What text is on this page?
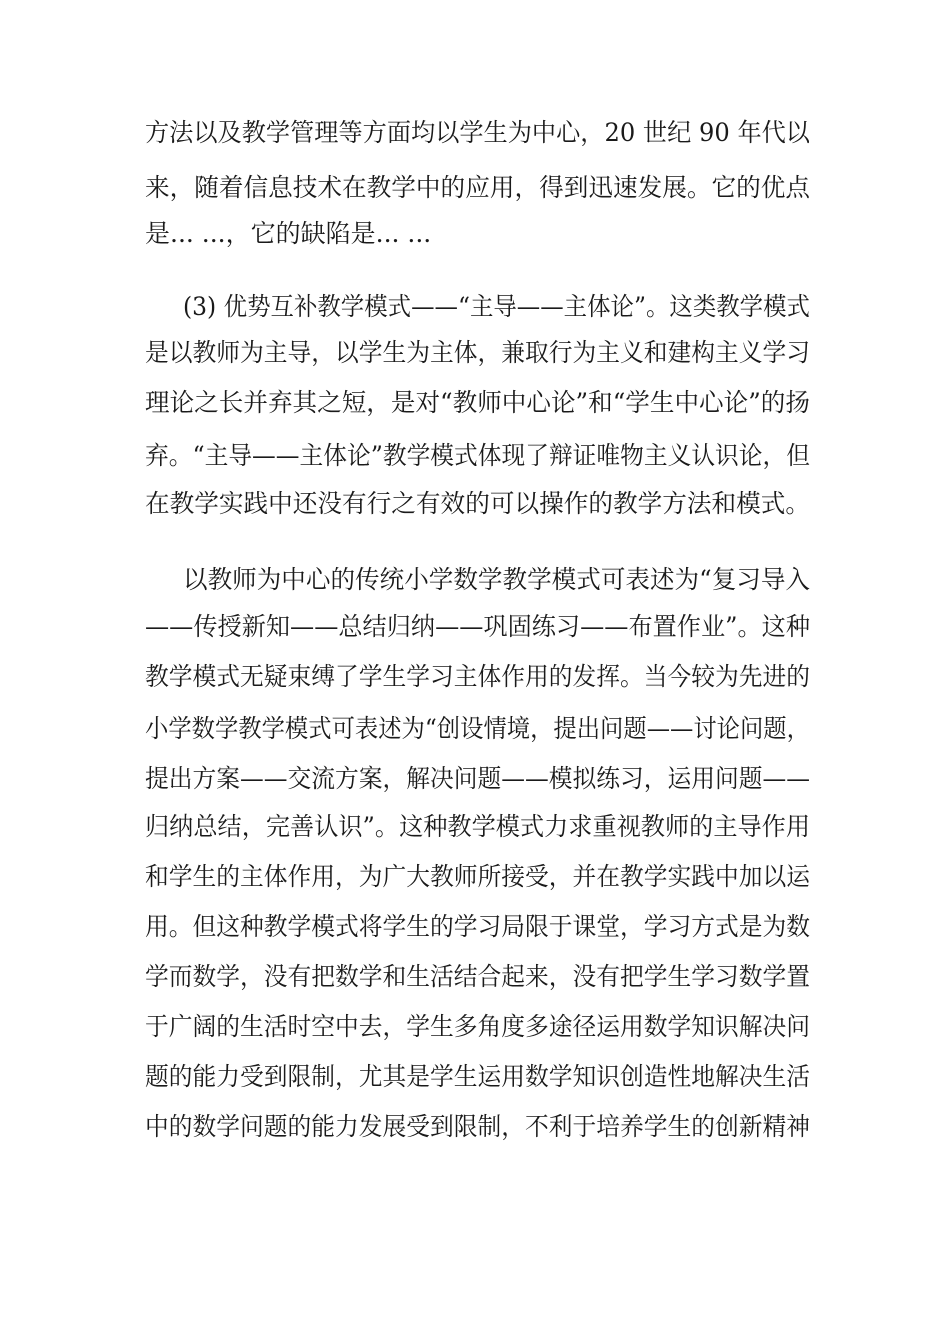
方法以及教学管理等方面均以学生为中心，20 世纪 90 年代以
来，随着信息技术在教学中的应用，得到迅速发展。它的优点
是... ...，它的缺陷是... ...
(3) 优势互补教学模式——“主导——主体论”。这类教学模式
是以教师为主导，以学生为主体，兼取行为主义和建构主义学习
理论之长并弃其之短，是对“教师中心论”和“学生中心论”的扬
弃。“主导——主体论”教学模式体现了辩证唯物主义认识论，但
在教学实践中还没有行之有效的可以操作的教学方法和模式。
以教师为中心的传统小学数学教学模式可表述为“复习导入
——传授新知——总结归纳——巩固练习——布置作业”。这种
教学模式无疑束缚了学生学习主体作用的发挥。当今较为先进的
小学数学教学模式可表述为“创设情境，提出问题——讨论问题，
提出方案——交流方案，解决问题——模拟练习，运用问题——
归纳总结，完善认识”。这种教学模式力求重视教师的主导作用
和学生的主体作用，为广大教师所接受，并在教学实践中加以运
用。但这种教学模式将学生的学习局限于课堂，学习方式是为数
学而数学，没有把数学和生活结合起来，没有把学生学习数学置
于广阔的生活时空中去，学生多角度多途径运用数学知识解决问
题的能力受到限制，尤其是学生运用数学知识创造性地解决生活
中的数学问题的能力发展受到限制，不利于培养学生的创新精神
